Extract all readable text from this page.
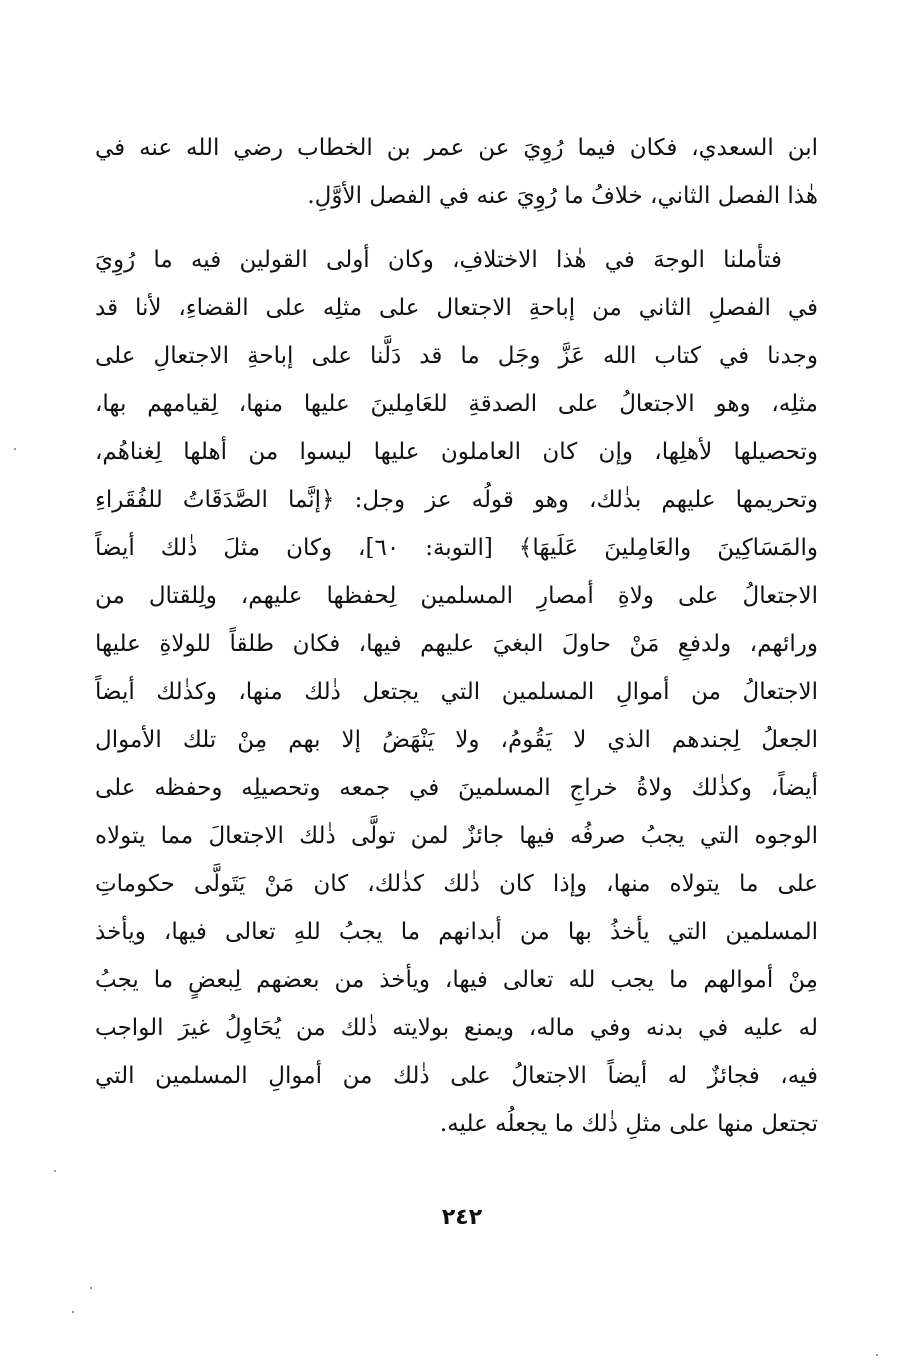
ابن السعدي، فكان فيما رُوِيَ عن عمر بن الخطاب رضي الله عنه في
هٰذا الفصل الثاني، خلافُ ما رُوِيَ عنه في الفصل الأوَّلِ.
فتأملنا الوجهَ في هٰذا الاختلافِ، وكان أولى القولين فيه ما رُوِيَ
في الفصلِ الثاني من إباحةِ الاجتعال على مثلِه على القضاءِ، لأنا قد
وجدنا في كتاب الله عَزَّ وجَل ما قد دَلَّنا على إباحةِ الاجتعالِ على
مثلِه، وهو الاجتعالُ على الصدقةِ للعَامِلينَ عليها منها، لِقيامهم بها،
وتحصيلها لأهلِها، وإن كان العاملون عليها ليسوا من أهلها لِغناهُم،
وتحريمها عليهم بذٰلك، وهو قولُه عز وجل: ﴿إنَّما الصَّدَقَاتُ للفُقَراءِ
والمَسَاكِينَ والعَامِلينَ عَلَيهَا﴾ [التوبة: ٦٠]، وكان مثلَ ذٰلك أيضاً
الاجتعالُ على ولاةِ أمصارِ المسلمين لِحفظها عليهم، ولِلقتال من
ورائهم، ولدفعِ مَنْ حاولَ البغيَ عليهم فيها، فكان طلقاً للولاةِ عليها
الاجتعالُ من أموالِ المسلمين التي يجتعل ذٰلك منها، وكذٰلك أيضاً
الجعلُ لِجندهم الذي لا يَقُومُ، ولا يَنْهَضُ إلا بهم مِنْ تلك الأموال
أيضاً، وكذٰلك ولاةُ خراجِ المسلمينَ في جمعه وتحصيلِه وحفظه على
الوجوه التي يجبُ صرفُه فيها جائزٌ لمن تولَّى ذٰلك الاجتعالَ مما يتولاه
على ما يتولاه منها، وإذا كان ذٰلك كذٰلك، كان مَنْ يَتَولَّى حكوماتِ
المسلمين التي يأخذُ بها من أبدانهم ما يجبُ للهِ تعالى فيها، ويأخذ
مِنْ أموالهم ما يجب لله تعالى فيها، ويأخذ من بعضهم لِبعضٍ ما يجبُ
له عليه في بدنه وفي ماله، ويمنع بولايته ذٰلك من يُحَاوِلُ غيرَ الواجب
فيه، فجائزٌ له أيضاً الاجتعالُ على ذٰلك من أموالِ المسلمين التي
تجتعل منها على مثلِ ذٰلك ما يجعلُه عليه.
٢٤٢
